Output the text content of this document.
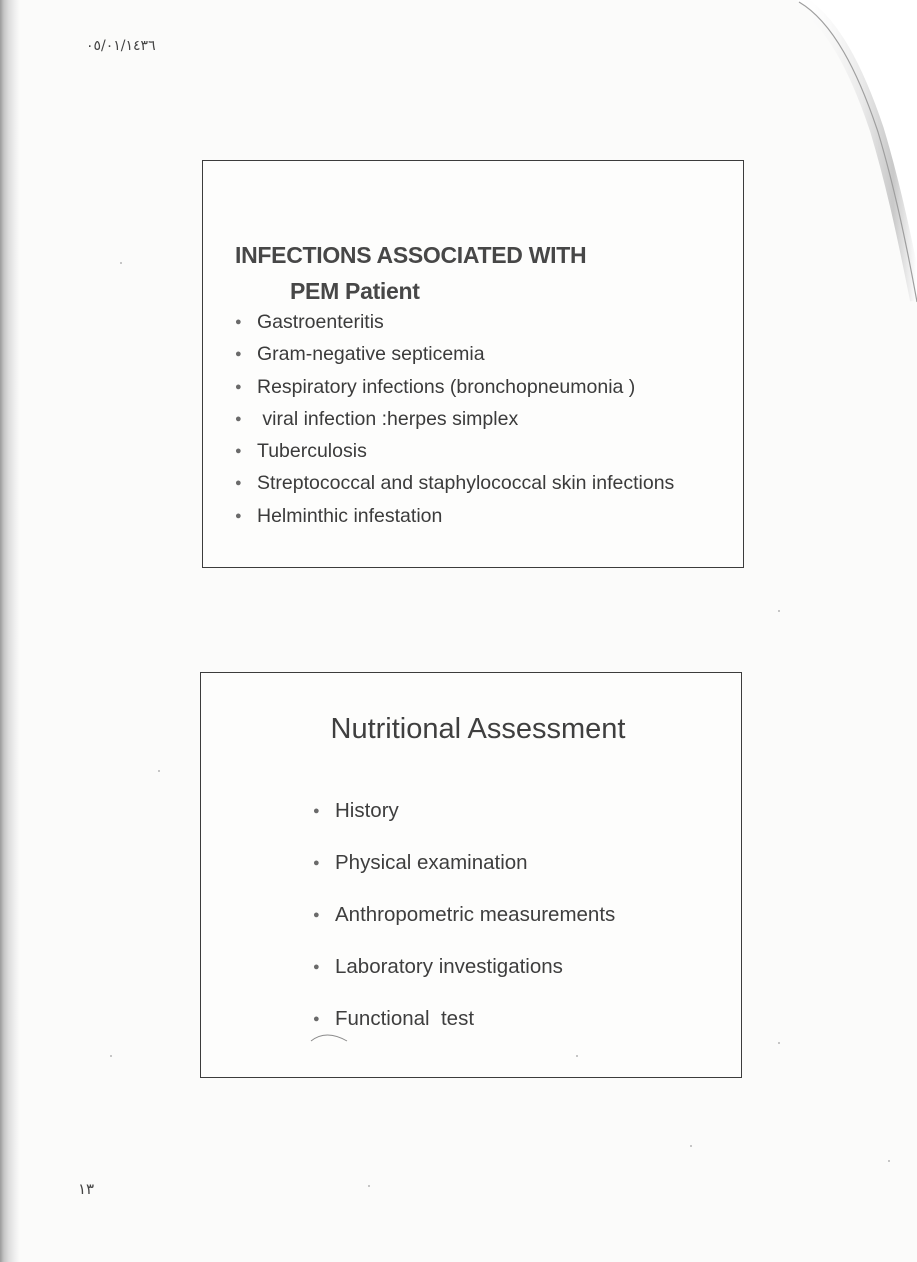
٠٥/٠١/١٤٣٦
INFECTIONS ASSOCIATED WITH
PEM Patient
● Gastroenteritis
● Gram-negative septicemia
● Respiratory infections (bronchopneumonia )
● viral infection :herpes simplex
● Tuberculosis
● Streptococcal and staphylococcal skin infections
● Helminthic infestation
Nutritional Assessment
● History
● Physical examination
● Anthropometric measurements
● Laboratory investigations
● Functional  test
١٣
